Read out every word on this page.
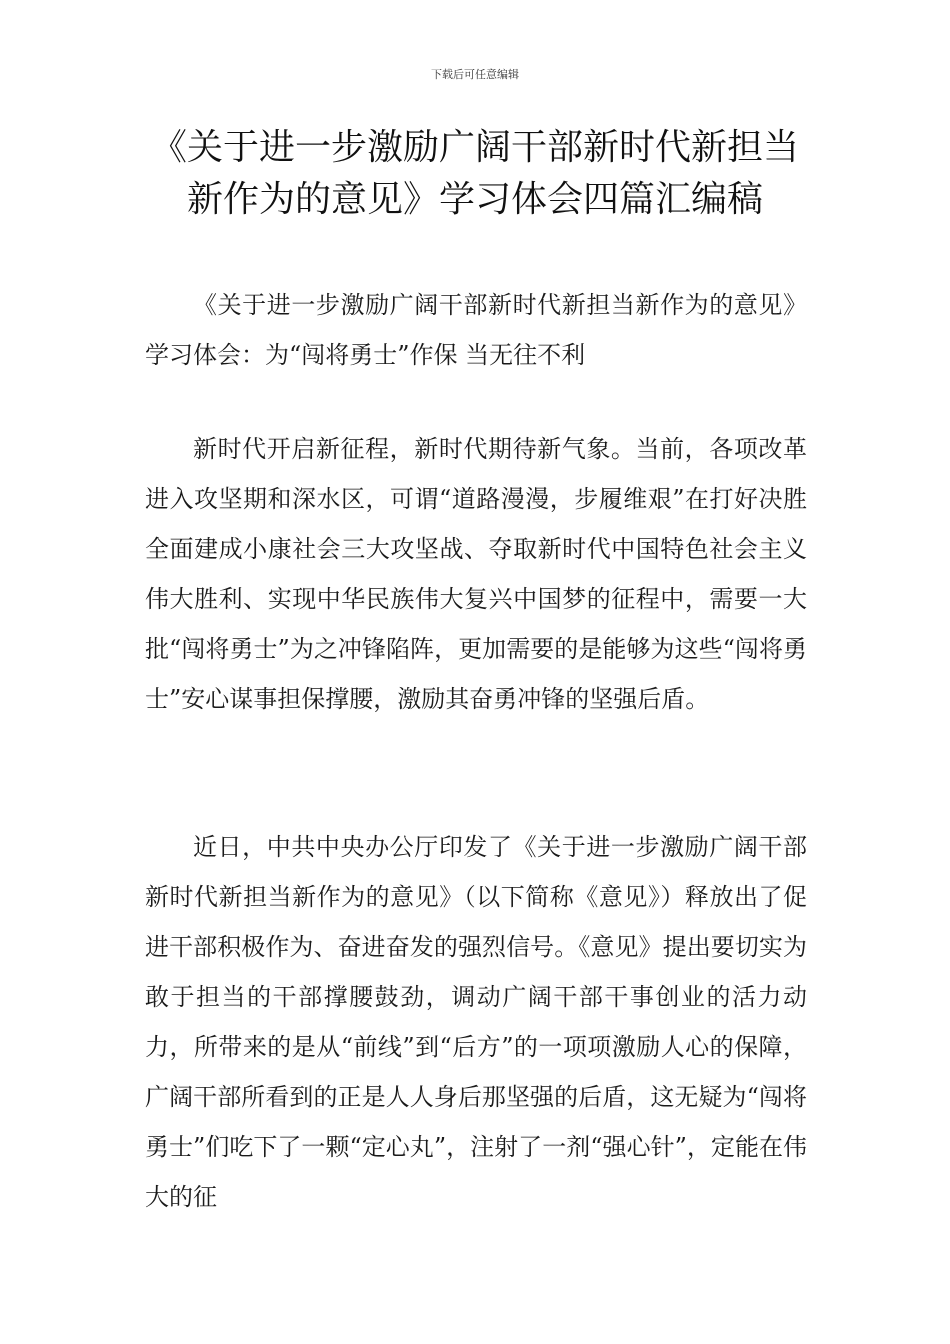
下载后可任意编辑
《关于进一步激励广阔干部新时代新担当新作为的意见》学习体会四篇汇编稿

《关于进一步激励广阔干部新时代新担当新作为的意见》学习体会：为“闯将勇士”作保 当无往不利

新时代开启新征程，新时代期待新气象。当前，各项改革进入攻坚期和深水区，可谓“道路漫漫，步履维艰”在打好决胜全面建成小康社会三大攻坚战、夺取新时代中国特色社会主义伟大胜利、实现中华民族伟大复兴中国梦的征程中，需要一大批“闯将勇士”为之冲锋陷阵，更加需要的是能够为这些“闯将勇士”安心谋事担保撑腰，激励其奋勇冲锋的坚强后盾。

近日，中共中央办公厅印发了《关于进一步激励广阔干部新时代新担当新作为的意见》（以下简称《意见》）释放出了促进干部积极作为、奋进奋发的强烈信号。《意见》提出要切实为敢于担当的干部撑腰鼓劲，调动广阔干部干事创业的活力动力，所带来的是从“前线”到“后方”的一项项激励人心的保障，广阔干部所看到的正是人人身后那坚强的后盾，这无疑为“闯将勇士”们吃下了一颗“定心丸”，注射了一剂“强心针”，定能在伟大的征
